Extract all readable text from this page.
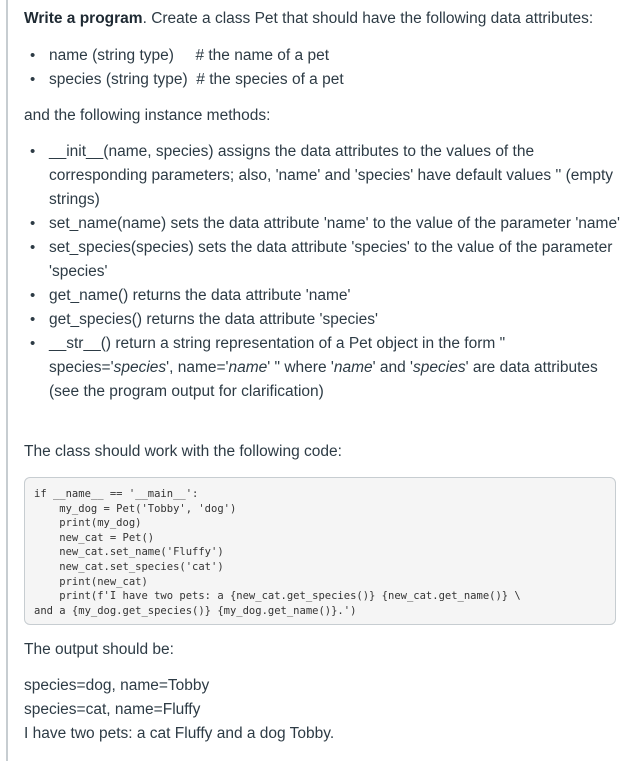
Write a program. Create a class Pet that should have the following data attributes:

• name (string type)     # the name of a pet
• species (string type)  # the species of a pet

and the following instance methods:

• __init__(name, species) assigns the data attributes to the values of the corresponding parameters; also, 'name' and 'species' have default values '' (empty strings)
• set_name(name) sets the data attribute 'name' to the value of the parameter 'name'
• set_species(species) sets the data attribute 'species' to the value of the parameter 'species'
• get_name() returns the data attribute 'name'
• get_species() returns the data attribute 'species'
• __str__() return a string representation of a Pet object in the form " species='species', name='name' " where 'name' and 'species' are data attributes (see the program output for clarification)

The class should work with the following code:

if __name__ == '__main__':
my_dog = Pet('Tobby', 'dog')
print(my_dog)
new_cat = Pet()
new_cat.set_name('Fluffy')
new_cat.set_species('cat')
print(new_cat)
print(f'I have two pets: a {new_cat.get_species()} {new_cat.get_name()} \
and a {my_dog.get_species()} {my_dog.get_name()}.')

The output should be:

species=dog, name=Tobby

species=cat, name=Fluffy

I have two pets: a cat Fluffy and a dog Tobby.
